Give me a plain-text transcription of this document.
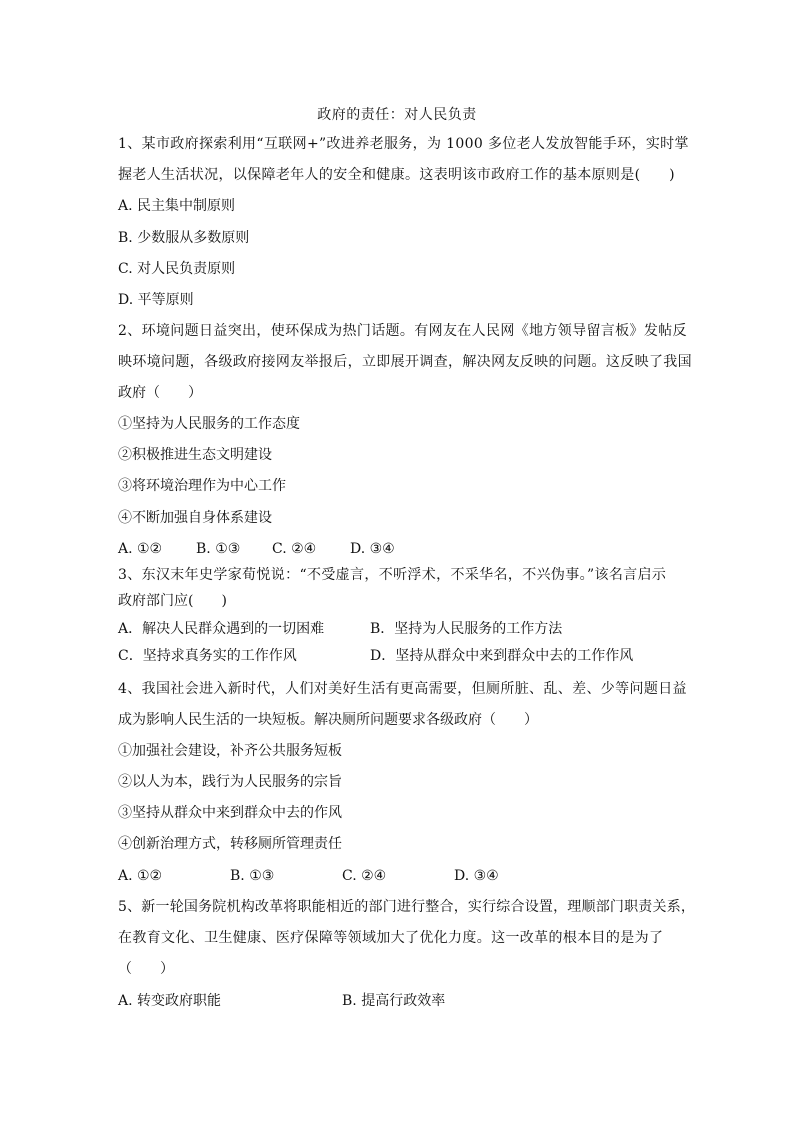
政府的责任：对人民负责
1、某市政府探索利用“互联网+”改进养老服务，为 1000 多位老人发放智能手环，实时掌
握老人生活状况，以保障老年人的安全和健康。这表明该市政府工作的基本原则是(　　)
A. 民主集中制原则
B. 少数服从多数原则
C. 对人民负责原则
D. 平等原则
2、环境问题日益突出，使环保成为热门话题。有网友在人民网《地方领导留言板》发帖反
映环境问题，各级政府接网友举报后，立即展开调查，解决网友反映的问题。这反映了我国
政府（　　）
①坚持为人民服务的工作态度
②积极推进生态文明建设
③将环境治理作为中心工作
④不断加强自身体系建设
A. ①② B. ①③ C. ②④ D. ③④
3、东汉末年史学家荀悦说：“不受虚言，不听浮术，不采华名，不兴伪事。”该名言启示
政府部门应(　　)
A．解决人民群众遇到的一切困难	B．坚持为人民服务的工作方法
C．坚持求真务实的工作作风	D．坚持从群众中来到群众中去的工作作风
4、我国社会进入新时代，人们对美好生活有更高需要，但厕所脏、乱、差、少等问题日益
成为影响人民生活的一块短板。解决厕所问题要求各级政府（　　）
①加强社会建设，补齐公共服务短板
②以人为本，践行为人民服务的宗旨
③坚持从群众中来到群众中去的作风
④创新治理方式，转移厕所管理责任
A. ①②	B. ①③	C. ②④	D. ③④
5、新一轮国务院机构改革将职能相近的部门进行整合，实行综合设置，理顺部门职责关系，
在教育文化、卫生健康、医疗保障等领域加大了优化力度。这一改革的根本目的是为了
（　　）
A. 转变政府职能	B. 提高行政效率
